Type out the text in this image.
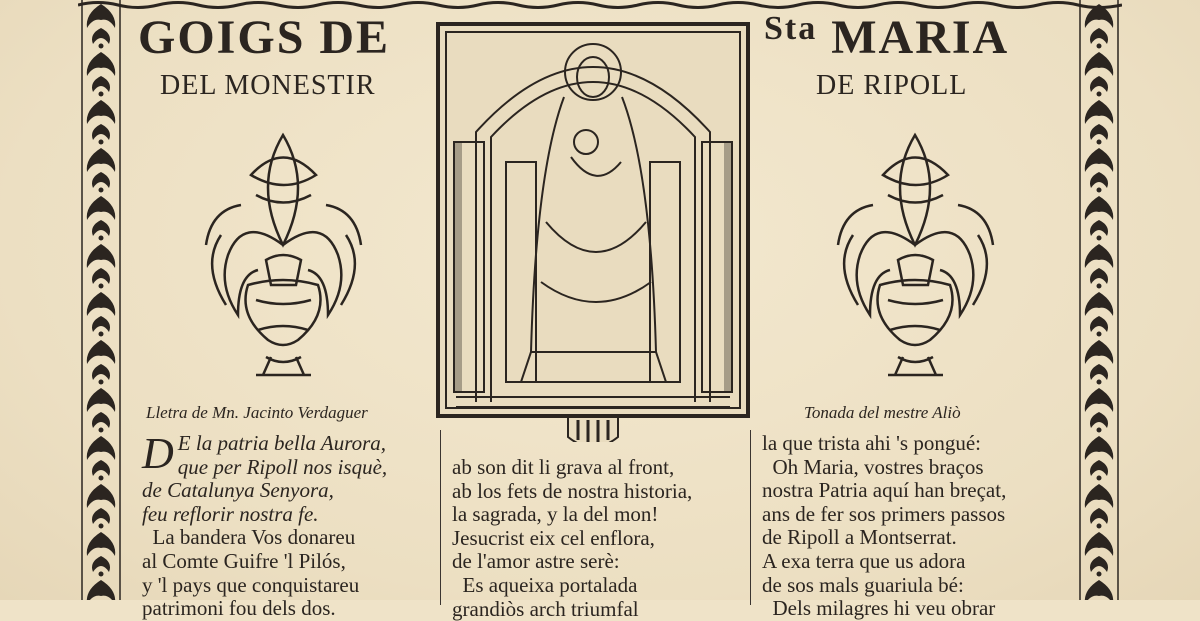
GOIGS DE	$^{Sta}$ MARIA
DEL MONESTIR	DE RIPOLL
Lletra de Mn. Jacinto Verdaguer	Tonada del mestre Aliò
D E la patria bella Aurora,
que per Ripoll nos isquè,
de Catalunya Senyora,
feu reflorir nostra fe.
La bandera Vos donareu
al Comte Guifre 'l Pilós,
y 'l pays que conquistareu
patrimoni fou dels dos.
ab son dit li grava al front,
ab los fets de nostra historia,
la sagrada, y la del mon!
Jesucrist eix cel enflora,
de l'amor astre serè:
Es aqueixa portalada
grandiòs arch triumfal
la que trista ahi 's pongué:
Oh Maria, vostres braços
nostra Patria aquí han breçat,
ans de fer sos primers passos
de Ripoll a Montserrat.
A exa terra que us adora
de sos mals guariula bé:
Dels milagres hi veu obrar
